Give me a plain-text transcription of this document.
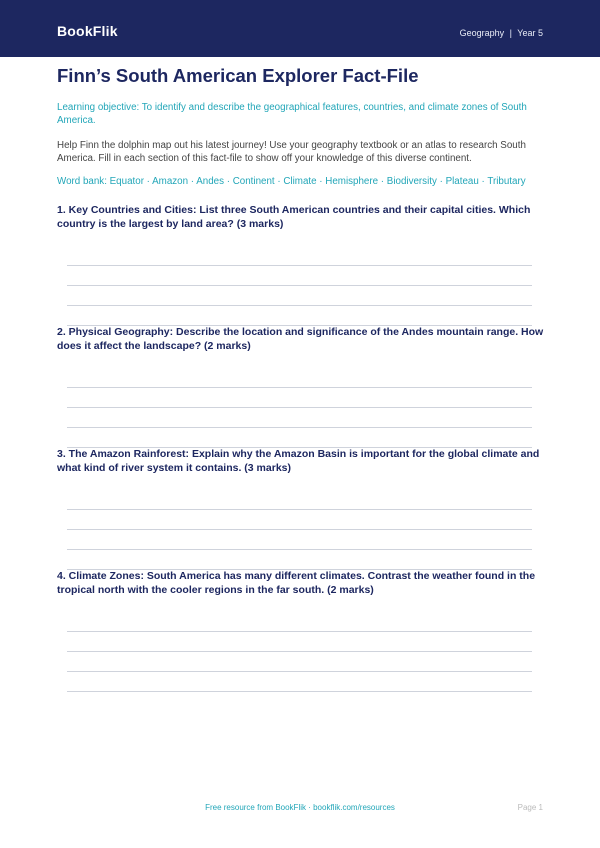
BookFlik	Geography | Year 5
Finn’s South American Explorer Fact-File

Learning objective: To identify and describe the geographical features, countries, and climate zones of South America.

Help Finn the dolphin map out his latest journey! Use your geography textbook or an atlas to research South America. Fill in each section of this fact-file to show off your knowledge of this diverse continent.

Word bank: Equator · Amazon · Andes · Continent · Climate · Hemisphere · Biodiversity · Plateau · Tributary

1. Key Countries and Cities: List three South American countries and their capital cities. Which country is the largest by land area? (3 marks)

2. Physical Geography: Describe the location and significance of the Andes mountain range. How does it affect the landscape? (2 marks)

3. The Amazon Rainforest: Explain why the Amazon Basin is important for the global climate and what kind of river system it contains. (3 marks)

4. Climate Zones: South America has many different climates. Contrast the weather found in the tropical north with the cooler regions in the far south. (2 marks)

Free resource from BookFlik · bookflik.com/resources	Page 1
